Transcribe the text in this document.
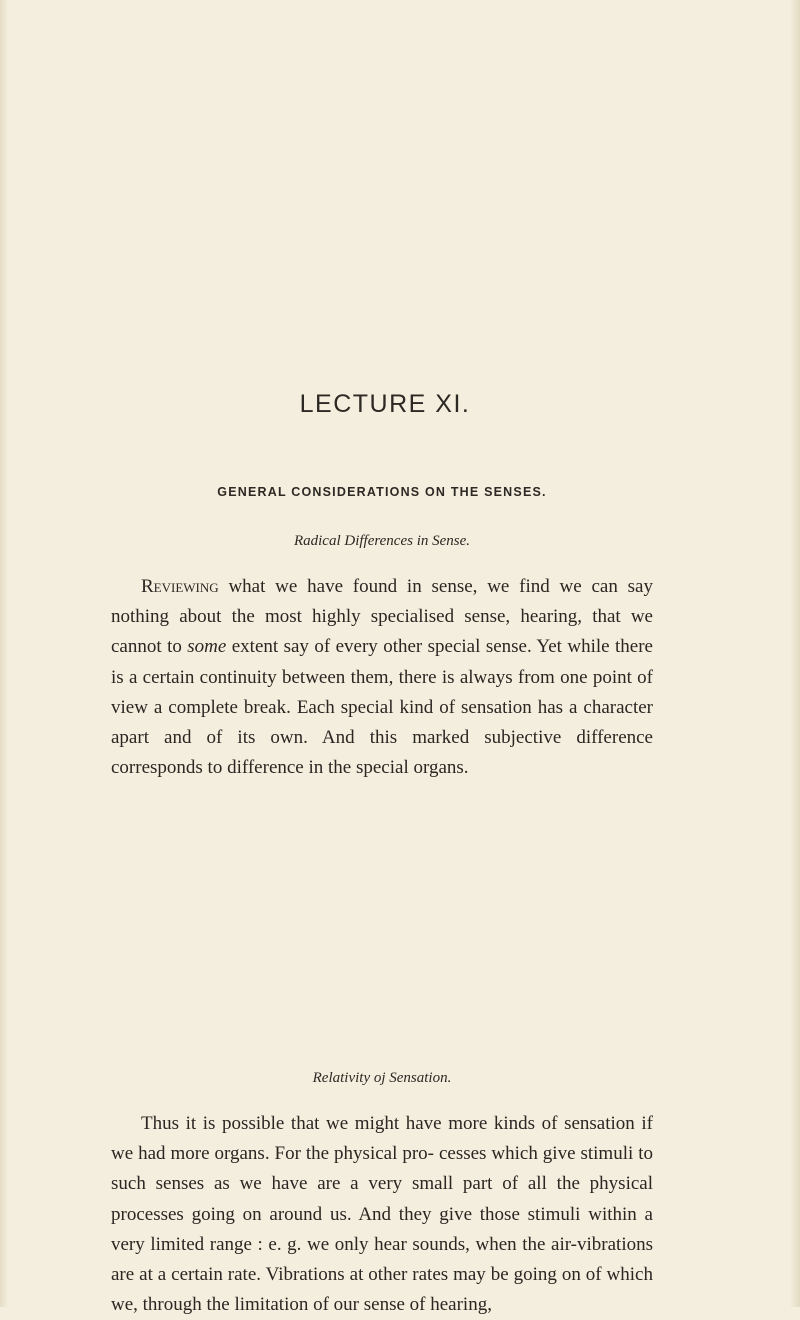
LECTURE XI.
GENERAL CONSIDERATIONS ON THE SENSES.

Radical Differences in Sense.

Reviewing what we have found in sense, we find we can say nothing about the most highly specialised sense, hearing, that we cannot to some extent say of every other special sense. Yet while there is a certain continuity between them, there is always from one point of view a complete break. Each special kind of sensation has a character apart and of its own. And this marked subjective difference corresponds to difference in the special organs.

Relativity oj Sensation.

Thus it is possible that we might have more kinds of sensation if we had more organs. For the physical pro- cesses which give stimuli to such senses as we have are a very small part of all the physical processes going on around us. And they give those stimuli within a very limited range : e. g. we only hear sounds, when the air-vibrations are at a certain rate. Vibrations at other rates may be going on of which we, through the limitation of our sense of hearing,
